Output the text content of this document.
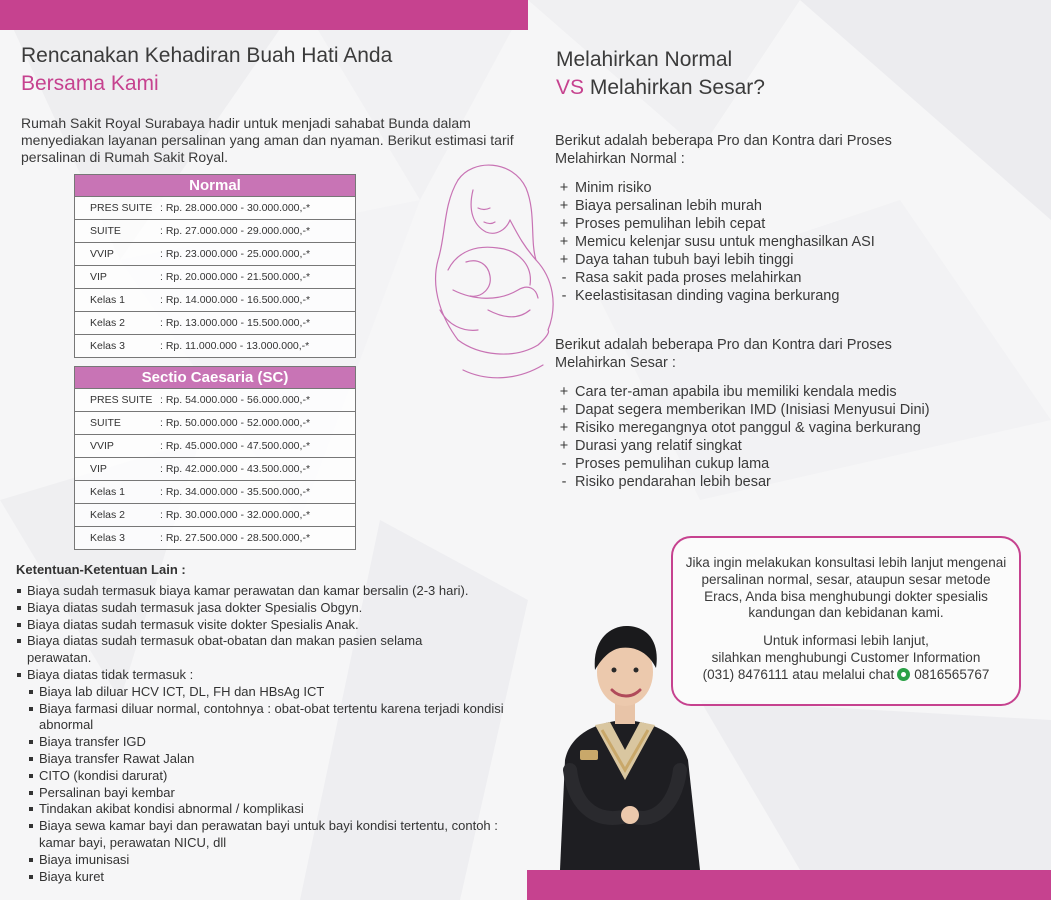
Rencanakan Kehadiran Buah Hati Anda
Bersama Kami

Rumah Sakit Royal Surabaya hadir untuk menjadi sahabat Bunda dalam menyediakan layanan persalinan yang aman dan nyaman. Berikut estimasi tarif persalinan di Rumah Sakit Royal.

Normal	
PRES SUITE	: Rp. 28.000.000 - 30.000.000,-*
SUITE	: Rp. 27.000.000 - 29.000.000,-*
VVIP	: Rp. 23.000.000 - 25.000.000,-*
VIP	: Rp. 20.000.000 - 21.500.000,-*
Kelas 1	: Rp. 14.000.000 - 16.500.000,-*
Kelas 2	: Rp. 13.000.000 - 15.500.000,-*
Kelas 3	: Rp. 11.000.000 - 13.000.000,-*
Sectio Caesaria (SC)	
PRES SUITE	: Rp. 54.000.000 - 56.000.000,-*
SUITE	: Rp. 50.000.000 - 52.000.000,-*
VVIP	: Rp. 45.000.000 - 47.500.000,-*
VIP	: Rp. 42.000.000 - 43.500.000,-*
Kelas 1	: Rp. 34.000.000 - 35.500.000,-*
Kelas 2	: Rp. 30.000.000 - 32.000.000,-*
Kelas 3	: Rp. 27.500.000 - 28.500.000,-*
Ketentuan-Ketentuan Lain :
Biaya sudah termasuk biaya kamar perawatan dan kamar bersalin (2-3 hari).
Biaya diatas sudah termasuk jasa dokter Spesialis Obgyn.
Biaya diatas sudah termasuk visite dokter Spesialis Anak.
Biaya diatas sudah termasuk obat-obatan dan makan pasien selama perawatan.
Biaya diatas tidak termasuk :
Biaya lab diluar HCV ICT, DL, FH dan HBsAg ICT
Biaya farmasi diluar normal, contohnya : obat-obat tertentu karena terjadi kondisi abnormal
Biaya transfer IGD
Biaya transfer Rawat Jalan
CITO (kondisi darurat)
Persalinan bayi kembar
Tindakan akibat kondisi abnormal / komplikasi
Biaya sewa kamar bayi dan perawatan bayi untuk bayi kondisi tertentu, contoh : kamar bayi, perawatan NICU, dll
Biaya imunisasi
Biaya kuret
Melahirkan Normal
VS Melahirkan Sesar?

Berikut adalah beberapa Pro dan Kontra dari Proses Melahirkan Normal :

+ Minim risiko
+ Biaya persalinan lebih murah
+ Proses pemulihan lebih cepat
+ Memicu kelenjar susu untuk menghasilkan ASI
+ Daya tahan tubuh bayi lebih tinggi
- Rasa sakit pada proses melahirkan
- Keelastisitasan dinding vagina berkurang

Berikut adalah beberapa Pro dan Kontra dari Proses Melahirkan Sesar :

+ Cara ter-aman apabila ibu memiliki kendala medis
+ Dapat segera memberikan IMD (Inisiasi Menyusui Dini)
+ Risiko meregangnya otot panggul & vagina berkurang
+ Durasi yang relatif singkat
- Proses pemulihan cukup lama
- Risiko pendarahan lebih besar

Jika ingin melakukan konsultasi lebih lanjut mengenai persalinan normal, sesar, ataupun sesar metode Eracs, Anda bisa menghubungi dokter spesialis kandungan dan kebidanan kami.

Untuk informasi lebih lanjut,
silahkan menghubungi Customer Information
(031) 8476111 atau melalui chat 0816565767
